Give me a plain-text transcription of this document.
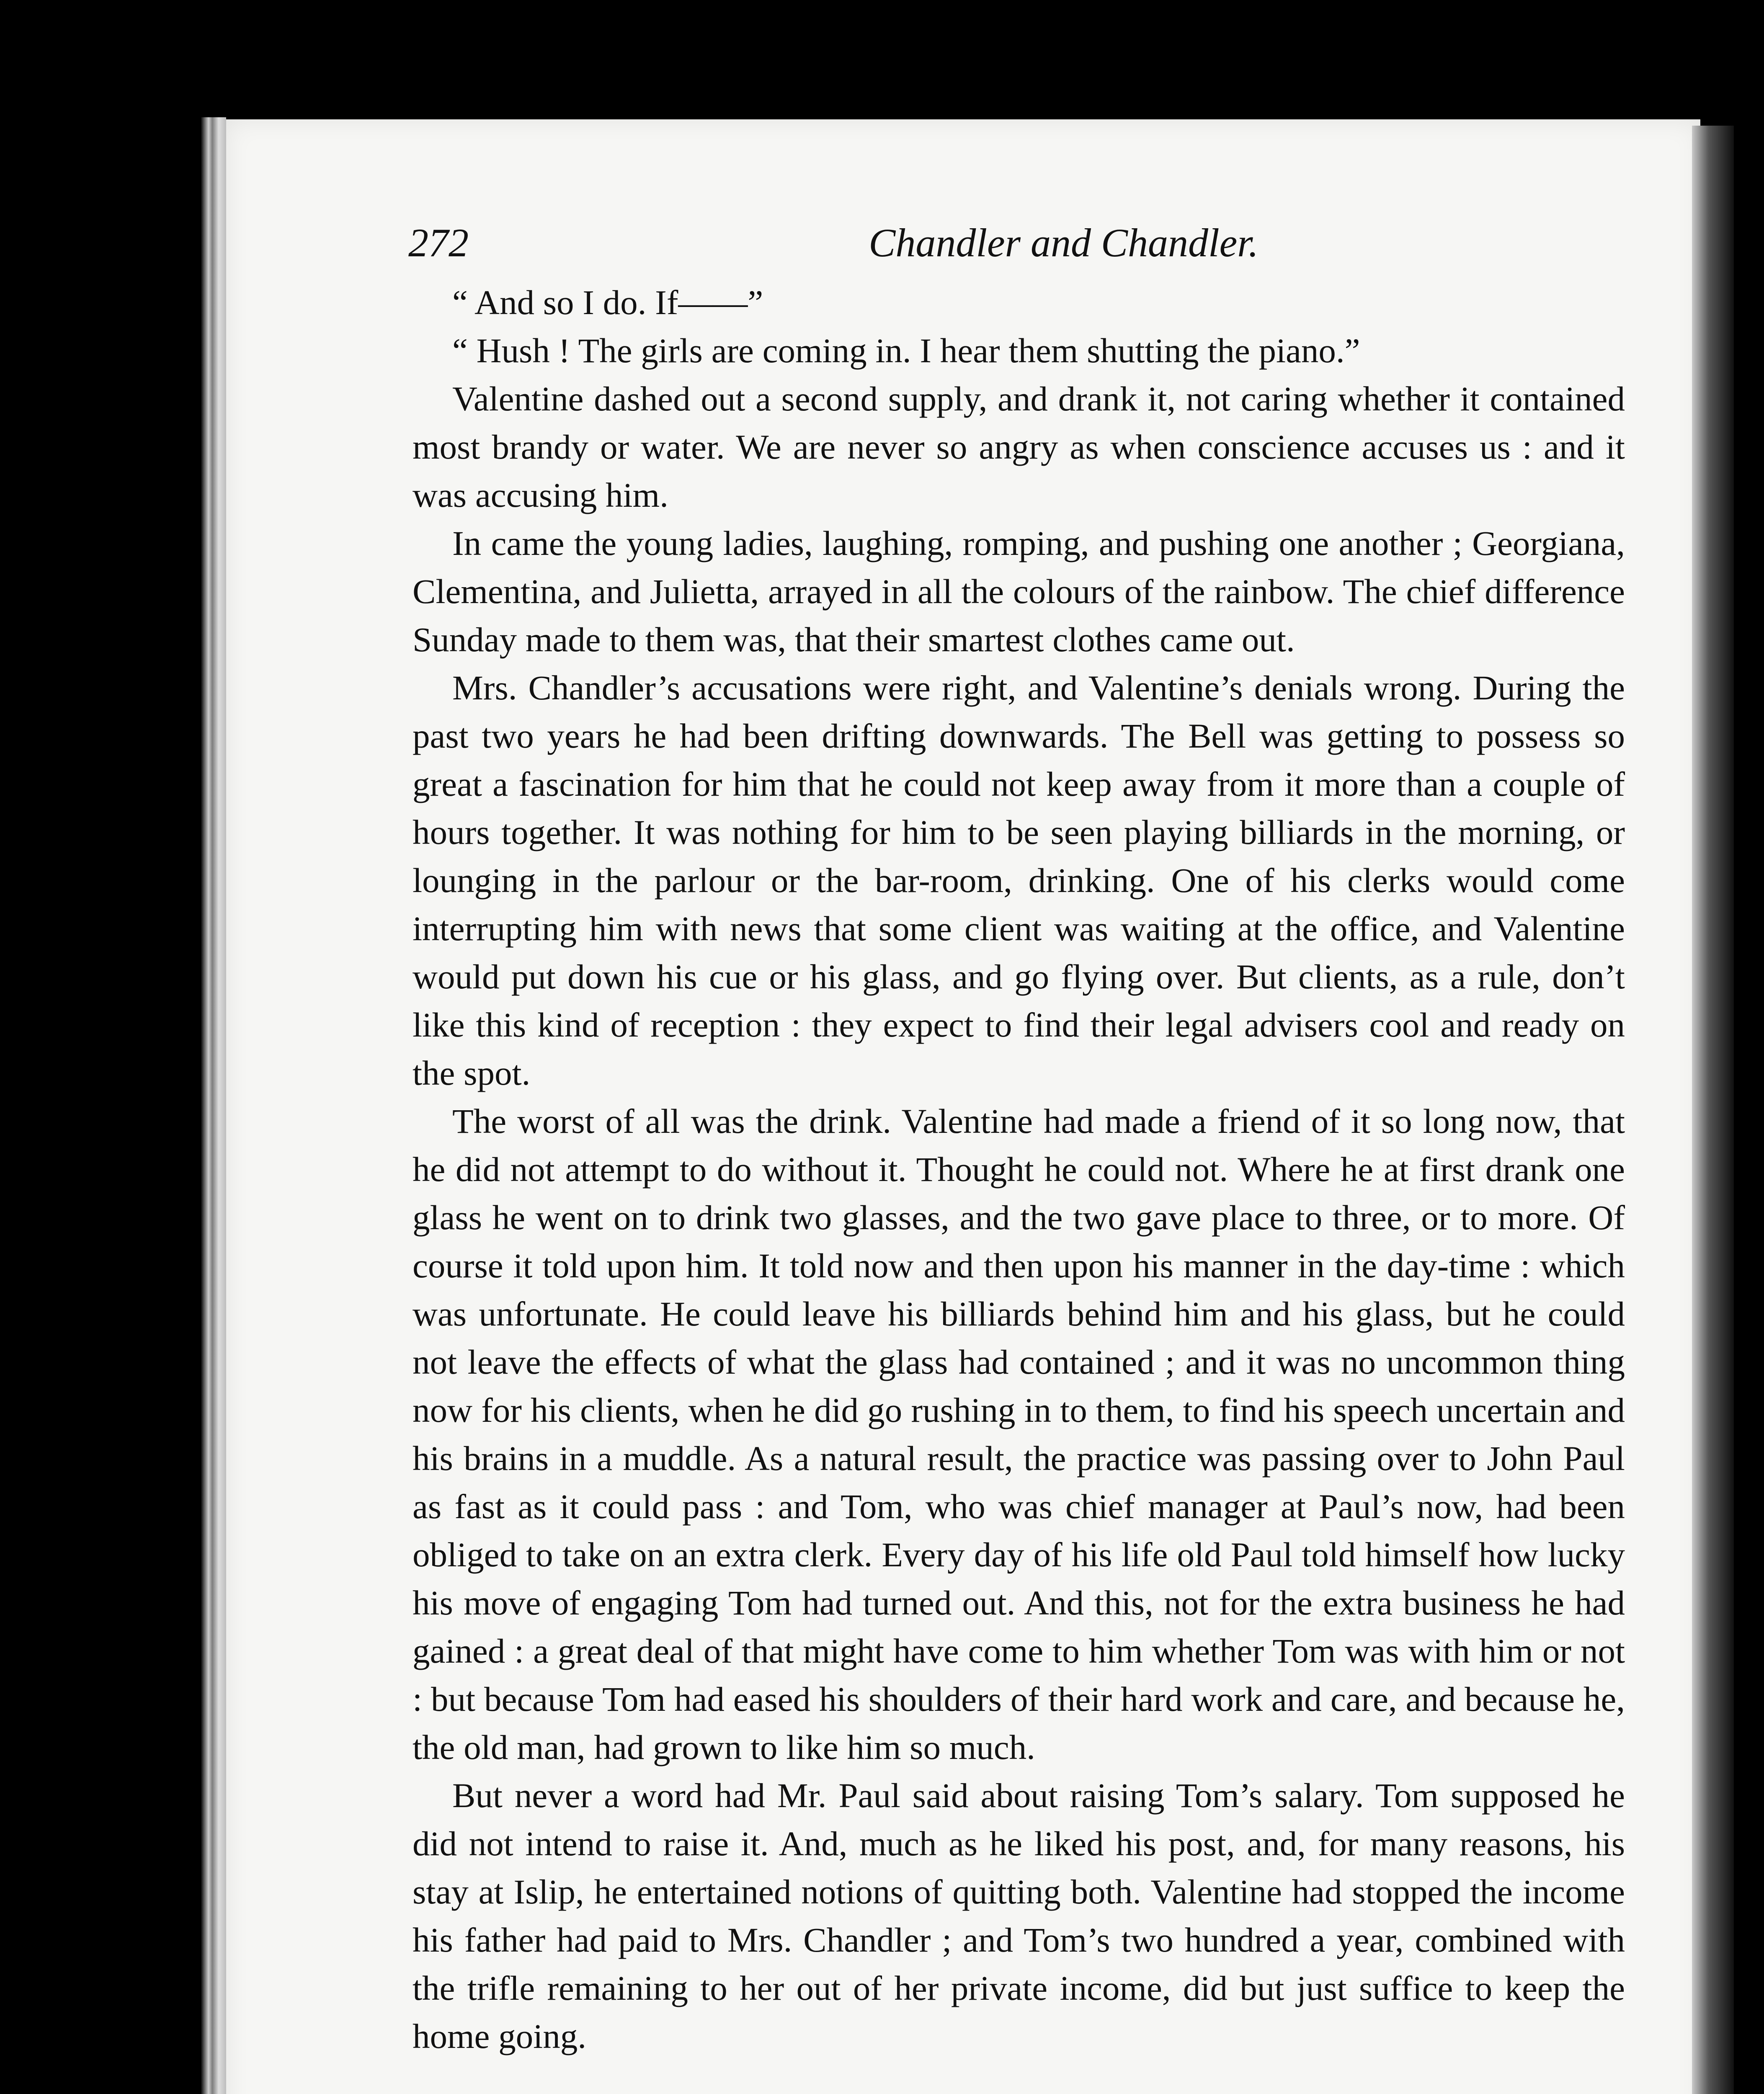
272	Chandler and Chandler.

“ And so I do. If——”

“ Hush ! The girls are coming in. I hear them shutting the piano.”

Valentine dashed out a second supply, and drank it, not caring whether it contained most brandy or water. We are never so angry as when conscience accuses us : and it was accusing him.

In came the young ladies, laughing, romping, and pushing one another ; Georgiana, Clementina, and Julietta, arrayed in all the colours of the rainbow. The chief difference Sunday made to them was, that their smartest clothes came out.

Mrs. Chandler’s accusations were right, and Valentine’s denials wrong. During the past two years he had been drifting downwards. The Bell was getting to possess so great a fascination for him that he could not keep away from it more than a couple of hours together. It was nothing for him to be seen playing billiards in the morning, or lounging in the parlour or the bar-room, drinking. One of his clerks would come interrupting him with news that some client was waiting at the office, and Valentine would put down his cue or his glass, and go flying over. But clients, as a rule, don’t like this kind of reception : they expect to find their legal advisers cool and ready on the spot.

The worst of all was the drink. Valentine had made a friend of it so long now, that he did not attempt to do without it. Thought he could not. Where he at first drank one glass he went on to drink two glasses, and the two gave place to three, or to more. Of course it told upon him. It told now and then upon his manner in the day-time : which was unfortunate. He could leave his billiards behind him and his glass, but he could not leave the effects of what the glass had contained ; and it was no uncommon thing now for his clients, when he did go rushing in to them, to find his speech uncertain and his brains in a muddle. As a natural result, the practice was passing over to John Paul as fast as it could pass : and Tom, who was chief manager at Paul’s now, had been obliged to take on an extra clerk. Every day of his life old Paul told himself how lucky his move of engaging Tom had turned out. And this, not for the extra business he had gained : a great deal of that might have come to him whether Tom was with him or not : but because Tom had eased his shoulders of their hard work and care, and because he, the old man, had grown to like him so much.

But never a word had Mr. Paul said about raising Tom’s salary. Tom supposed he did not intend to raise it. And, much as he liked his post, and, for many reasons, his stay at Islip, he entertained notions of quitting both. Valentine had stopped the income his father had paid to Mrs. Chandler ; and Tom’s two hundred a year, combined with the trifle remaining to her out of her private income, did but just suffice to keep the home going.
